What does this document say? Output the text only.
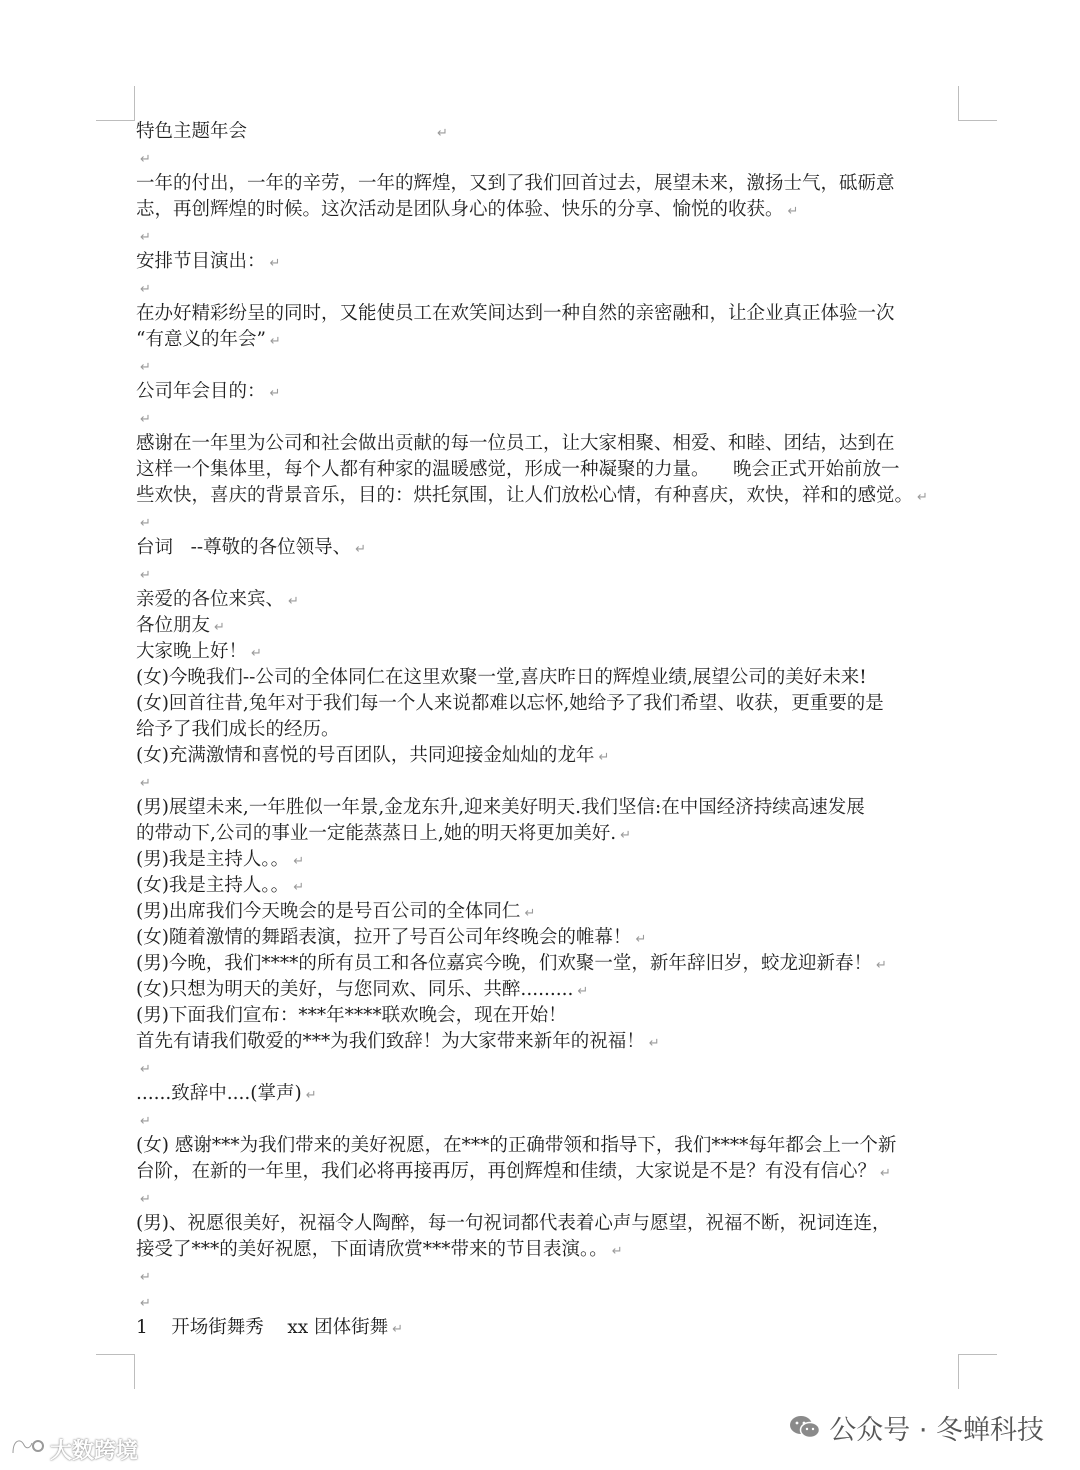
特色主题年会	↵
↵
一年的付出，一年的辛劳，一年的辉煌，又到了我们回首过去，展望未来，激扬士气，砥砺意
志，再创辉煌的时候。这次活动是团队身心的体验、快乐的分享、愉悦的收获。 ↵
↵
安排节目演出： ↵
↵
在办好精彩纷呈的同时，又能使员工在欢笑间达到一种自然的亲密融和，让企业真正体验一次
“有意义的年会” ↵
↵
公司年会目的： ↵
↵
感谢在一年里为公司和社会做出贡献的每一位员工，让大家相聚、相爱、和睦、团结，达到在
这样一个集体里，每个人都有种家的温暖感觉，形成一种凝聚的力量。    晚会正式开始前放一
些欢快，喜庆的背景音乐，目的：烘托氛围，让人们放松心情，有种喜庆，欢快，祥和的感觉。 ↵
↵
台词   --尊敬的各位领导、 ↵
↵
亲爱的各位来宾、 ↵
各位朋友 ↵
大家晚上好！ ↵
(女)今晚我们--公司的全体同仁在这里欢聚一堂,喜庆昨日的辉煌业绩,展望公司的美好未来!
(女)回首往昔,兔年对于我们每一个人来说都难以忘怀,她给予了我们希望、收获，更重要的是
给予了我们成长的经历。
(女)充满激情和喜悦的号百团队，共同迎接金灿灿的龙年 ↵
↵
(男)展望未来,一年胜似一年景,金龙东升,迎来美好明天.我们坚信:在中国经济持续高速发展
的带动下,公司的事业一定能蒸蒸日上,她的明天将更加美好. ↵
(男)我是主持人。。 ↵
(女)我是主持人。。 ↵
(男)出席我们今天晚会的是号百公司的全体同仁 ↵
(女)随着激情的舞蹈表演，拉开了号百公司年终晚会的帷幕！ ↵
(男)今晚，我们****的所有员工和各位嘉宾今晚，们欢聚一堂，新年辞旧岁，蛟龙迎新春！ ↵
(女)只想为明天的美好，与您同欢、同乐、共醉......... ↵
(男)下面我们宣布：***年****联欢晚会，现在开始！
首先有请我们敬爱的***为我们致辞！为大家带来新年的祝福！ ↵
↵
......致辞中....(掌声) ↵
↵
(女) 感谢***为我们带来的美好祝愿，在***的正确带领和指导下，我们****每年都会上一个新
台阶，在新的一年里，我们必将再接再厉，再创辉煌和佳绩，大家说是不是？有没有信心？ ↵
↵
(男)、祝愿很美好，祝福令人陶醉，每一句祝词都代表着心声与愿望，祝福不断，祝词连连，
接受了***的美好祝愿，下面请欣赏***带来的节目表演。。 ↵
↵
↵
1    开场街舞秀    xx 团体街舞 ↵
公众号 · 冬蝉科技
大数跨境
